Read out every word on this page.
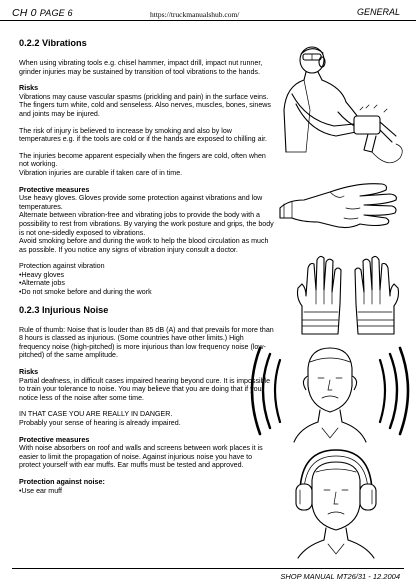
CH 0 PAGE 6	https://truckmanualshub.com/	GENERAL
0.2.2 Vibrations

When using vibrating tools e.g. chisel hammer, impact drill, impact nut runner, grinder injuries may be sustained by transition of tool vibrations to the hands.

Risks

Vibrations may cause vascular spasms (prickling and pain) in the surface veins. The fingers turn white, cold and senseless. Also nerves, muscles, bones, sinews and joints may be injured.

The risk of injury is believed to increase by smoking and also by low temperatures e.g. if the tools are cold or if the hands are exposed to chilling air.

The injuries become apparent especially when the fingers are cold, often when not working.
Vibration injuries are curable if taken care of in time.
Protective measures
Use heavy gloves. Gloves provide some protection against vibrations and low temperatures.
Alternate between vibration-free and vibrating jobs to provide the body with a possibility to rest from vibrations. By varying the work posture and grips, the body is not one-sidedly exposed to vibrations.
Avoid smoking before and during the work to help the blood circulation as much as possible. If you notice any signs of vibration injury consult a doctor.
Protection against vibration
• Heavy gloves
• Alternate jobs
• Do not smoke before and during the work
0.2.3 Injurious Noise

Rule of thumb: Noise that is louder than 85 dB (A) and that prevails for more than 8 hours is classed as injurious. (Some countries have other limits.) High frequency noise (high-pitched) is more injurious than low frequency noise (low-pitched) of the same amplitude.

Risks

Partial deafness, in difficult cases impaired hearing beyond cure. It is impossible to train your tolerance to noise. You may believe that you are doing that if you notice less of the noise after some time.

IN THAT CASE YOU ARE REALLY IN DANGER.
Probably your sense of hearing is already impaired.
Protective measures

With noise absorbers on roof and walls and screens between work places it is easier to limit the propagation of noise. Against injurious noise you have to protect yourself with ear muffs. Ear muffs must be tested and approved.

Protection against noise:
• Use ear muff
SHOP MANUAL MT26/31 - 12.2004
